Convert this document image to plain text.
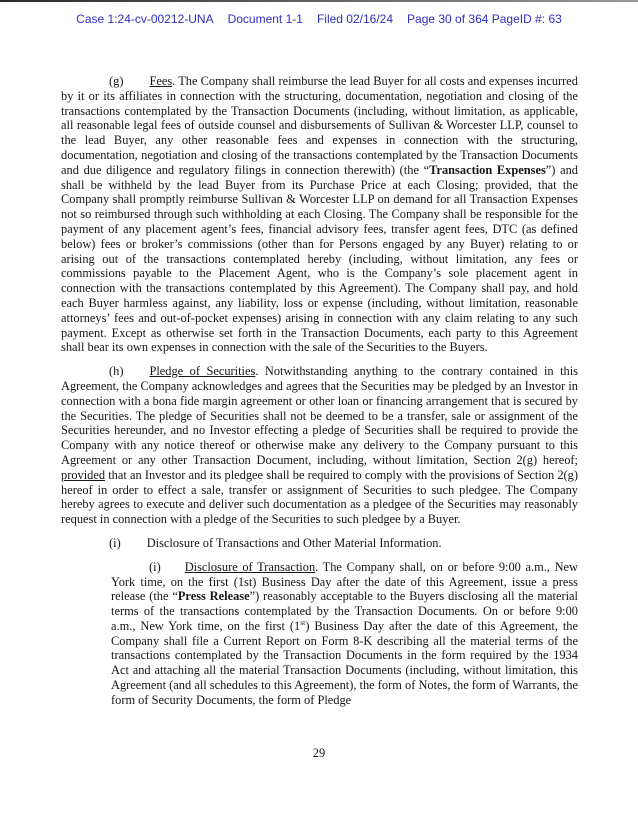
Case 1:24-cv-00212-UNA Document 1-1 Filed 02/16/24 Page 30 of 364 PageID #: 63

(g) Fees. The Company shall reimburse the lead Buyer for all costs and expenses incurred by it or its affiliates in connection with the structuring, documentation, negotiation and closing of the transactions contemplated by the Transaction Documents (including, without limitation, as applicable, all reasonable legal fees of outside counsel and disbursements of Sullivan & Worcester LLP, counsel to the lead Buyer, any other reasonable fees and expenses in connection with the structuring, documentation, negotiation and closing of the transactions contemplated by the Transaction Documents and due diligence and regulatory filings in connection therewith) (the “Transaction Expenses”) and shall be withheld by the lead Buyer from its Purchase Price at each Closing; provided, that the Company shall promptly reimburse Sullivan & Worcester LLP on demand for all Transaction Expenses not so reimbursed through such withholding at each Closing. The Company shall be responsible for the payment of any placement agent’s fees, financial advisory fees, transfer agent fees, DTC (as defined below) fees or broker’s commissions (other than for Persons engaged by any Buyer) relating to or arising out of the transactions contemplated hereby (including, without limitation, any fees or commissions payable to the Placement Agent, who is the Company’s sole placement agent in connection with the transactions contemplated by this Agreement). The Company shall pay, and hold each Buyer harmless against, any liability, loss or expense (including, without limitation, reasonable attorneys’ fees and out-of-pocket expenses) arising in connection with any claim relating to any such payment. Except as otherwise set forth in the Transaction Documents, each party to this Agreement shall bear its own expenses in connection with the sale of the Securities to the Buyers.

(h) Pledge of Securities. Notwithstanding anything to the contrary contained in this Agreement, the Company acknowledges and agrees that the Securities may be pledged by an Investor in connection with a bona fide margin agreement or other loan or financing arrangement that is secured by the Securities. The pledge of Securities shall not be deemed to be a transfer, sale or assignment of the Securities hereunder, and no Investor effecting a pledge of Securities shall be required to provide the Company with any notice thereof or otherwise make any delivery to the Company pursuant to this Agreement or any other Transaction Document, including, without limitation, Section 2(g) hereof; provided that an Investor and its pledgee shall be required to comply with the provisions of Section 2(g) hereof in order to effect a sale, transfer or assignment of Securities to such pledgee. The Company hereby agrees to execute and deliver such documentation as a pledgee of the Securities may reasonably request in connection with a pledge of the Securities to such pledgee by a Buyer.

(i) Disclosure of Transactions and Other Material Information.

(i) Disclosure of Transaction. The Company shall, on or before 9:00 a.m., New York time, on the first (1st) Business Day after the date of this Agreement, issue a press release (the “Press Release”) reasonably acceptable to the Buyers disclosing all the material terms of the transactions contemplated by the Transaction Documents. On or before 9:00 a.m., New York time, on the first (1st) Business Day after the date of this Agreement, the Company shall file a Current Report on Form 8-K describing all the material terms of the transactions contemplated by the Transaction Documents in the form required by the 1934 Act and attaching all the material Transaction Documents (including, without limitation, this Agreement (and all schedules to this Agreement), the form of Notes, the form of Warrants, the form of Security Documents, the form of Pledge

29
